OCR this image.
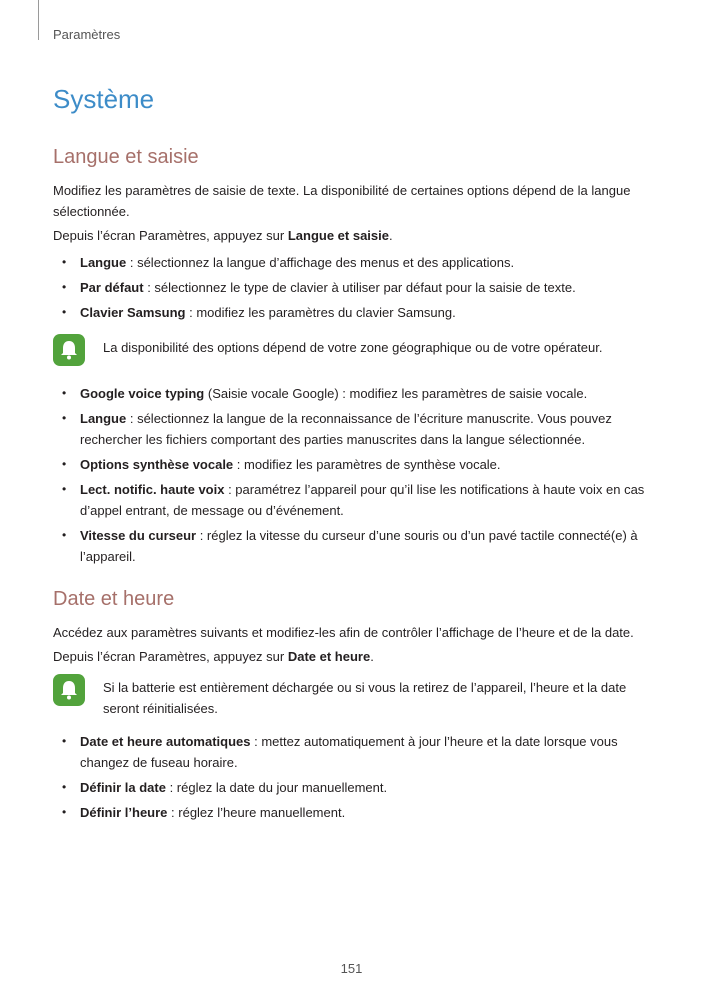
Paramètres
Système
Langue et saisie

Modifiez les paramètres de saisie de texte. La disponibilité de certaines options dépend de la langue sélectionnée.

Depuis l’écran Paramètres, appuyez sur Langue et saisie.

• Langue : sélectionnez la langue d’affichage des menus et des applications.
• Par défaut : sélectionnez le type de clavier à utiliser par défaut pour la saisie de texte.
• Clavier Samsung : modifiez les paramètres du clavier Samsung.

La disponibilité des options dépend de votre zone géographique ou de votre opérateur.

• Google voice typing (Saisie vocale Google) : modifiez les paramètres de saisie vocale.
• Langue : sélectionnez la langue de la reconnaissance de l’écriture manuscrite. Vous pouvez rechercher les fichiers comportant des parties manuscrites dans la langue sélectionnée.
• Options synthèse vocale : modifiez les paramètres de synthèse vocale.
• Lect. notific. haute voix : paramétrez l’appareil pour qu’il lise les notifications à haute voix en cas d’appel entrant, de message ou d’événement.
• Vitesse du curseur : réglez la vitesse du curseur d’une souris ou d’un pavé tactile connecté(e) à l’appareil.
Date et heure

Accédez aux paramètres suivants et modifiez-les afin de contrôler l’affichage de l’heure et de la date.

Depuis l’écran Paramètres, appuyez sur Date et heure.

Si la batterie est entièrement déchargée ou si vous la retirez de l’appareil, l’heure et la date seront réinitialisées.

• Date et heure automatiques : mettez automatiquement à jour l’heure et la date lorsque vous changez de fuseau horaire.
• Définir la date : réglez la date du jour manuellement.
• Définir l’heure : réglez l’heure manuellement.
151
